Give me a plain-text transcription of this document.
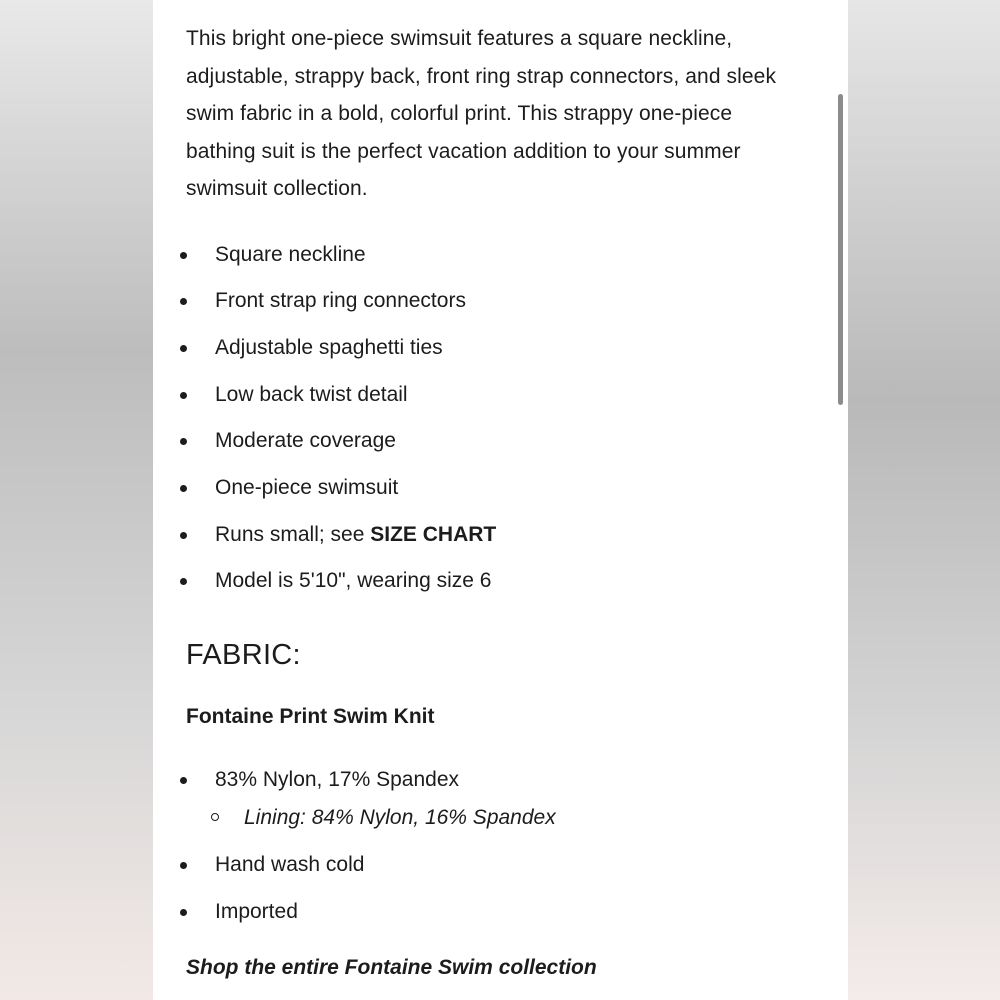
This bright one-piece swimsuit features a square neckline, adjustable, strappy back, front ring strap connectors, and sleek swim fabric in a bold, colorful print. This strappy one-piece bathing suit is the perfect vacation addition to your summer swimsuit collection.

Square neckline
Front strap ring connectors
Adjustable spaghetti ties
Low back twist detail
Moderate coverage
One-piece swimsuit
Runs small; see SIZE CHART
Model is 5'10", wearing size 6
FABRIC:

Fontaine Print Swim Knit

83% Nylon, 17% Spandex
Lining: 84% Nylon, 16% Spandex
Hand wash cold
Imported
Shop the entire Fontaine Swim collection
